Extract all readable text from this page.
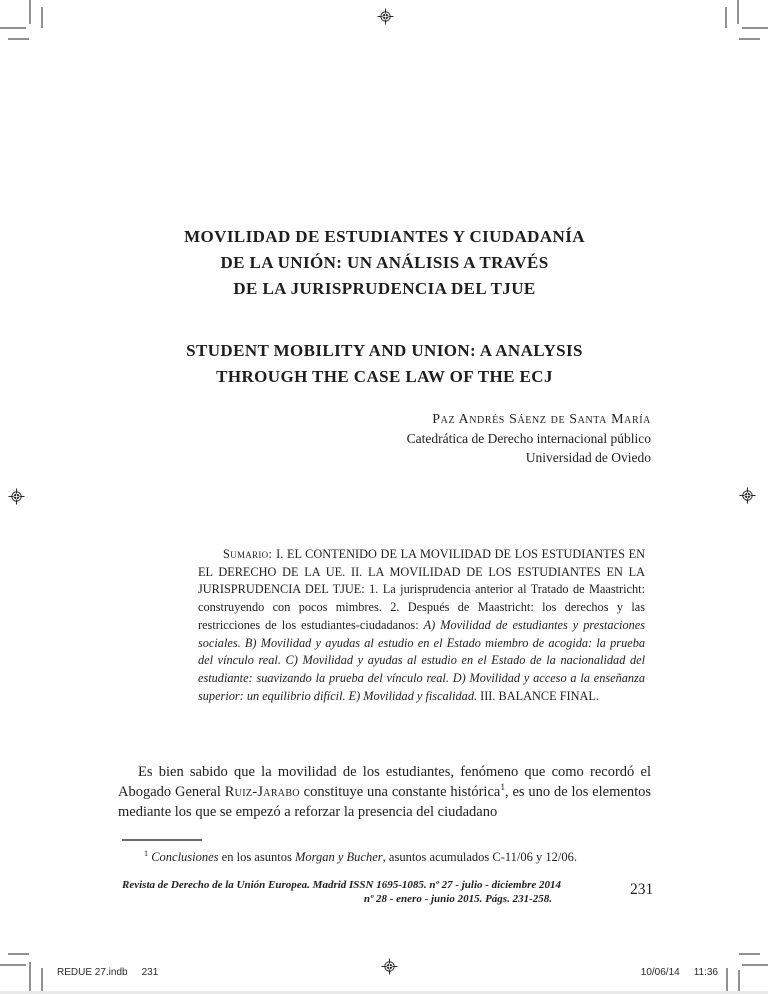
MOVILIDAD DE ESTUDIANTES Y CIUDADANÍA
DE LA UNIÓN: UN ANÁLISIS A TRAVÉS
DE LA JURISPRUDENCIA DEL TJUE
STUDENT MOBILITY AND UNION: A ANALYSIS
THROUGH THE CASE LAW OF THE ECJ
Paz Andrés Sáenz de Santa María
Catedrática de Derecho internacional público
Universidad de Oviedo
Sumario: I. EL CONTENIDO DE LA MOVILIDAD DE LOS ESTUDIANTES EN EL DERECHO DE LA UE. II. LA MOVILIDAD DE LOS ESTUDIANTES EN LA JURISPRUDENCIA DEL TJUE: 1. La jurisprudencia anterior al Tratado de Maastricht: construyendo con pocos mimbres. 2. Después de Maastricht: los derechos y las restricciones de los estudiantes-ciudadanos: A) Movilidad de estudiantes y prestaciones sociales. B) Movilidad y ayudas al estudio en el Estado miembro de acogida: la prueba del vínculo real. C) Movilidad y ayudas al estudio en el Estado de la nacionalidad del estudiante: suavizando la prueba del vínculo real. D) Movilidad y acceso a la enseñanza superior: un equilibrio difícil. E) Movilidad y fiscalidad. III. BALANCE FINAL.
Es bien sabido que la movilidad de los estudiantes, fenómeno que como recordó el Abogado General Ruiz-Jarabo constituye una constante histórica$^1$, es uno de los elementos mediante los que se empezó a reforzar la presencia del ciudadano
$^1$ Conclusiones en los asuntos Morgan y Bucher, asuntos acumulados C-11/06 y 12/06.
Revista de Derecho de la Unión Europea. Madrid ISSN 1695-1085. nº 27 - julio - diciembre 2014
nº 28 - enero - junio 2015. Págs. 231-258.
231
REDUE 27.indb 231	10/06/14 11:36
